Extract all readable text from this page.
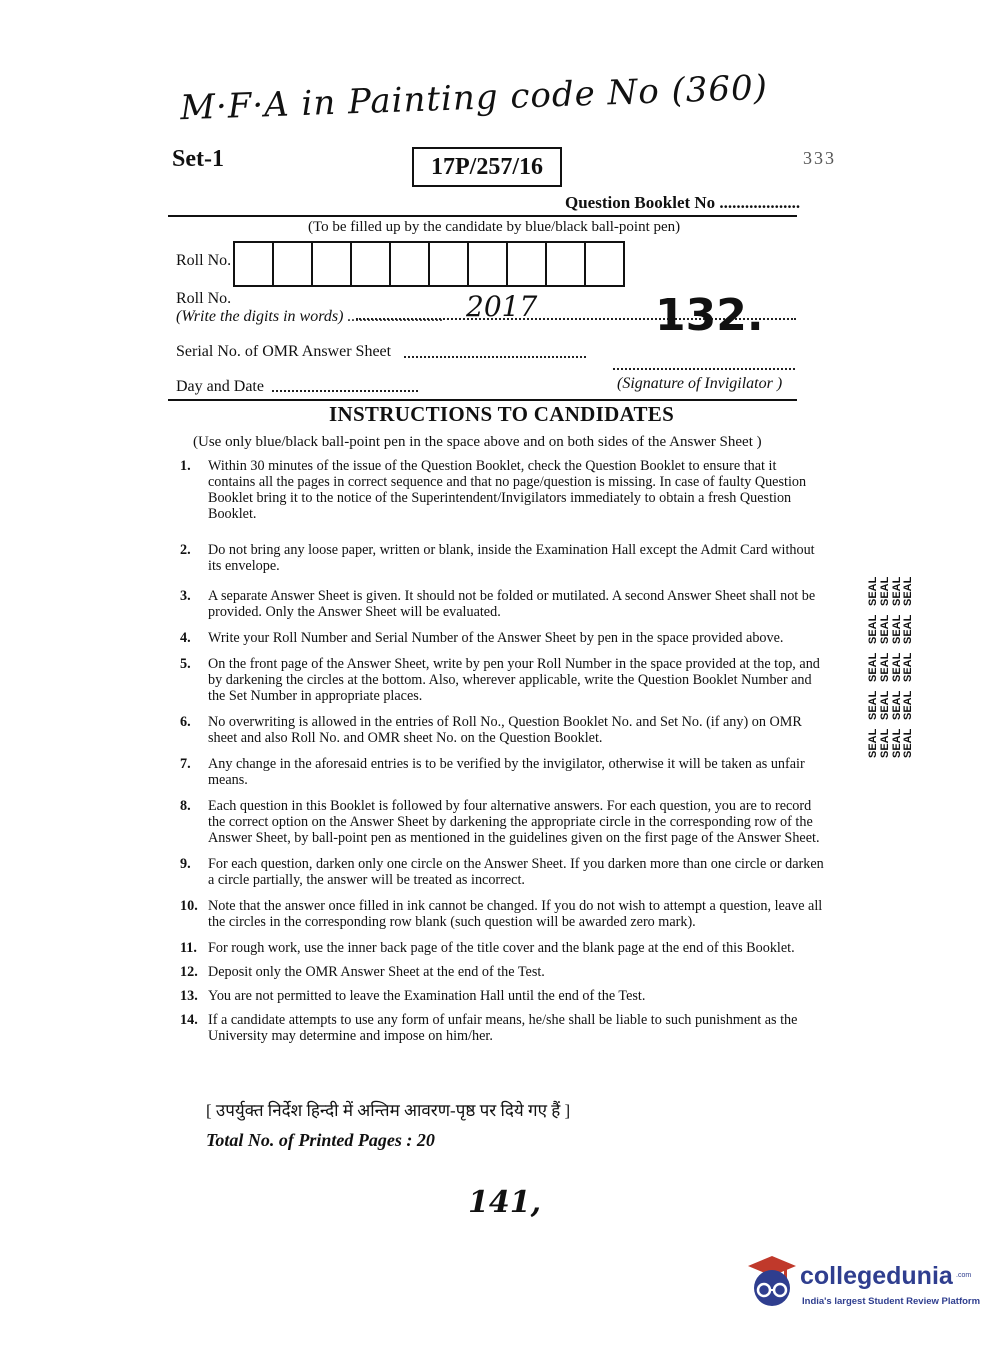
M·F·A in Painting code No (360)
Set-1	17P/257/16	333
Question Booklet No ...................
(To be filled up by the candidate by blue/black ball-point pen)
Roll No.
Roll No.
(Write the digits in words) ........................ 2017	132.
Serial No. of OMR Answer Sheet
Day and Date	(Signature of Invigilator )
INSTRUCTIONS TO CANDIDATES
(Use only blue/black ball-point pen in the space above and on both sides of the Answer Sheet )
1.	Within 30 minutes of the issue of the Question Booklet, check the Question Booklet to ensure that it contains all the pages in correct sequence and that no page/question is missing. In case of faulty Question Booklet bring it to the notice of the Superintendent/Invigilators immediately to obtain a fresh Question Booklet.
2.	Do not bring any loose paper, written or blank, inside the Examination Hall except the Admit Card without its envelope.
3.	A separate Answer Sheet is given. It should not be folded or mutilated. A second Answer Sheet shall not be provided. Only the Answer Sheet will be evaluated.
4.	Write your Roll Number and Serial Number of the Answer Sheet by pen in the space provided above.
5.	On the front page of the Answer Sheet, write by pen your Roll Number in the space provided at the top, and by darkening the circles at the bottom. Also, wherever applicable, write the Question Booklet Number and the Set Number in appropriate places.
6.	No overwriting is allowed in the entries of Roll No., Question Booklet No. and Set No. (if any) on OMR sheet and also Roll No. and OMR sheet No. on the Question Booklet.
7.	Any change in the aforesaid entries is to be verified by the invigilator, otherwise it will be taken as unfair means.
8.	Each question in this Booklet is followed by four alternative answers. For each question, you are to record the correct option on the Answer Sheet by darkening the appropriate circle in the corresponding row of the Answer Sheet, by ball-point pen as mentioned in the guidelines given on the first page of the Answer Sheet.
9.	For each question, darken only one circle on the Answer Sheet. If you darken more than one circle or darken a circle partially, the answer will be treated as incorrect.
10. Note that the answer once filled in ink cannot be changed. If you do not wish to attempt a question, leave all the circles in the corresponding row blank (such question will be awarded zero mark).
11. For rough work, use the inner back page of the title cover and the blank page at the end of this Booklet.
12. Deposit only the OMR Answer Sheet at the end of the Test.
13. You are not permitted to leave the Examination Hall until the end of the Test.
14. If a candidate attempts to use any form of unfair means, he/she shall be liable to such punishment as the University may determine and impose on him/her.
[ उपर्युक्त निर्देश हिन्दी में अन्तिम आवरण-पृष्ठ पर दिये गए हैं ]
Total No. of Printed Pages : 20
141,
SEAL
SEAL
SEAL
SEAL
SEAL
SEAL
SEAL
SEAL
SEAL
SEAL
SEAL
SEAL
SEAL
SEAL
SEAL
SEAL
SEAL
SEAL
SEAL
SEAL
collegedunia .com
India's largest Student Review Platform
